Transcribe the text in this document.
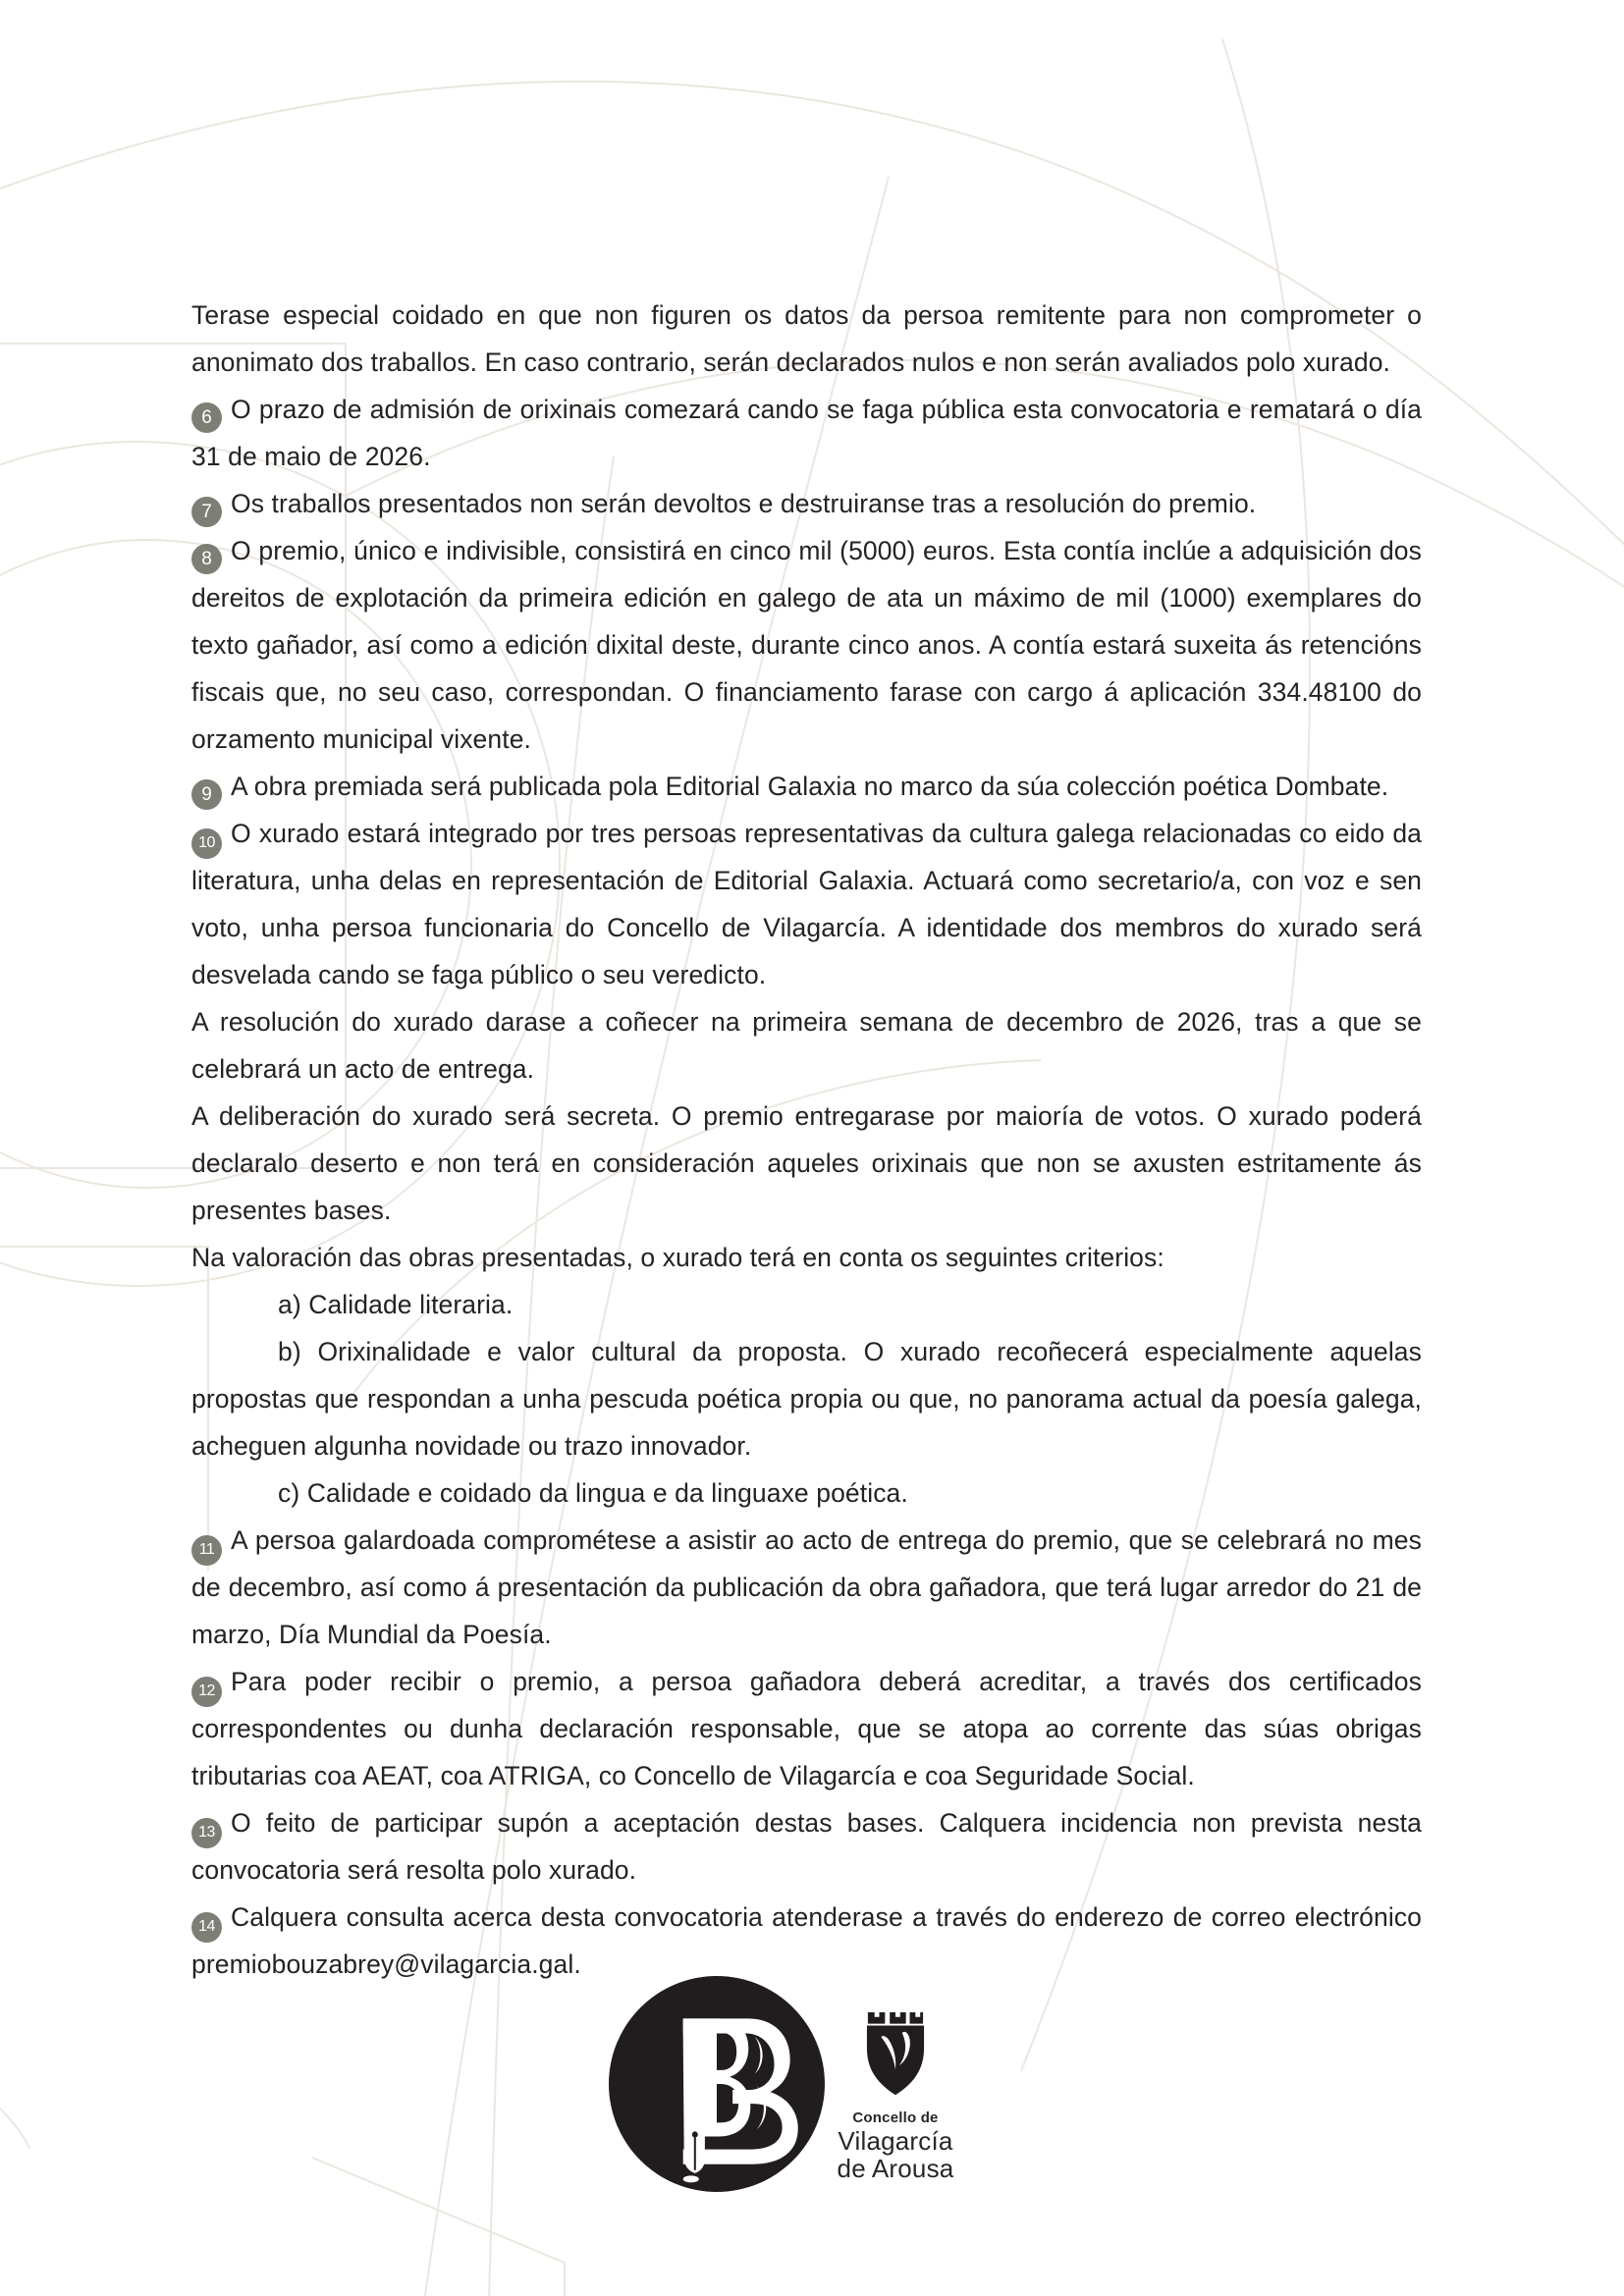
Terase especial coidado en que non figuren os datos da persoa remitente para non comprometer o anonimato dos traballos. En caso contrario, serán declarados nulos e non serán avaliados polo xurado.

6 O prazo de admisión de orixinais comezará cando se faga pública esta convocatoria e rematará o día 31 de maio de 2026.

7 Os traballos presentados non serán devoltos e destruiranse tras a resolución do premio.

8 O premio, único e indivisible, consistirá en cinco mil (5000) euros. Esta contía inclúe a adquisición dos dereitos de explotación da primeira edición en galego de ata un máximo de mil (1000) exemplares do texto gañador, así como a edición dixital deste, durante cinco anos. A contía estará suxeita ás retencións fiscais que, no seu caso, correspondan. O financiamento farase con cargo á aplicación 334.48100 do orzamento municipal vixente.

9 A obra premiada será publicada pola Editorial Galaxia no marco da súa colección poética Dombate.

10 O xurado estará integrado por tres persoas representativas da cultura galega relacionadas co eido da literatura, unha delas en representación de Editorial Galaxia. Actuará como secretario/a, con voz e sen voto, unha persoa funcionaria do Concello de Vilagarcía. A identidade dos membros do xurado será desvelada cando se faga público o seu veredicto.

A resolución do xurado darase a coñecer na primeira semana de decembro de 2026, tras a que se celebrará un acto de entrega.

A deliberación do xurado será secreta. O premio entregarase por maioría de votos. O xurado poderá declaralo deserto e non terá en consideración aqueles orixinais que non se axusten estritamente ás presentes bases.

Na valoración das obras presentadas, o xurado terá en conta os seguintes criterios:

a) Calidade literaria.

b) Orixinalidade e valor cultural da proposta. O xurado recoñecerá especialmente aquelas propostas que respondan a unha pescuda poética propia ou que, no panorama actual da poesía galega, acheguen algunha novidade ou trazo innovador.

c) Calidade e coidado da lingua e da linguaxe poética.

11 A persoa galardoada comprométese a asistir ao acto de entrega do premio, que se celebrará no mes de decembro, así como á presentación da publicación da obra gañadora, que terá lugar arredor do 21 de marzo, Día Mundial da Poesía.

12 Para poder recibir o premio, a persoa gañadora deberá acreditar, a través dos certificados correspondentes ou dunha declaración responsable, que se atopa ao corrente das súas obrigas tributarias coa AEAT, coa ATRIGA, co Concello de Vilagarcía e coa Seguridade Social.

13 O feito de participar supón a aceptación destas bases. Calquera incidencia non prevista nesta convocatoria será resolta polo xurado.

14 Calquera consulta acerca desta convocatoria atenderase a través do enderezo de correo electrónico premiobouzabrey@vilagarcia.gal.

Concello de
Vilagarcía
de Arousa
